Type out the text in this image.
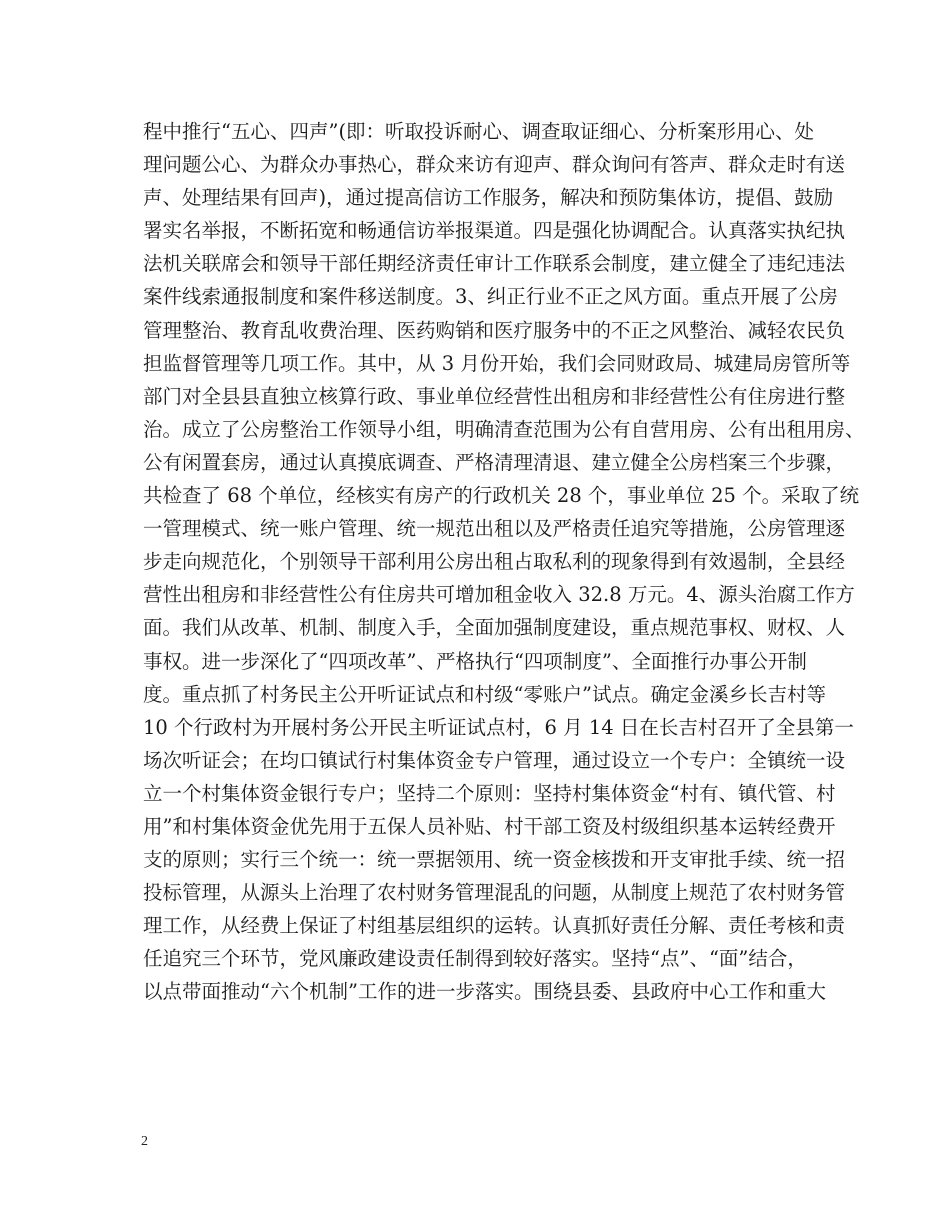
程中推行“五心、四声”(即：听取投诉耐心、调查取证细心、分析案形用心、处
理问题公心、为群众办事热心，群众来访有迎声、群众询问有答声、群众走时有送
声、处理结果有回声)，通过提高信访工作服务，解决和预防集体访，提倡、鼓励
署实名举报，不断拓宽和畅通信访举报渠道。四是强化协调配合。认真落实执纪执
法机关联席会和领导干部任期经济责任审计工作联系会制度，建立健全了违纪违法
案件线索通报制度和案件移送制度。3、纠正行业不正之风方面。重点开展了公房
管理整治、教育乱收费治理、医药购销和医疗服务中的不正之风整治、减轻农民负
担监督管理等几项工作。其中，从 3 月份开始，我们会同财政局、城建局房管所等
部门对全县县直独立核算行政、事业单位经营性出租房和非经营性公有住房进行整
治。成立了公房整治工作领导小组，明确清查范围为公有自营用房、公有出租用房、
公有闲置套房，通过认真摸底调查、严格清理清退、建立健全公房档案三个步骤，
共检查了 68 个单位，经核实有房产的行政机关 28 个，事业单位 25 个。采取了统
一管理模式、统一账户管理、统一规范出租以及严格责任追究等措施，公房管理逐
步走向规范化，个别领导干部利用公房出租占取私利的现象得到有效遏制，全县经
营性出租房和非经营性公有住房共可增加租金收入 32.8 万元。4、源头治腐工作方
面。我们从改革、机制、制度入手，全面加强制度建设，重点规范事权、财权、人
事权。进一步深化了“四项改革”、严格执行“四项制度”、全面推行办事公开制
度。重点抓了村务民主公开听证试点和村级“零账户”试点。确定金溪乡长吉村等
10 个行政村为开展村务公开民主听证试点村，6 月 14 日在长吉村召开了全县第一
场次听证会；在均口镇试行村集体资金专户管理，通过设立一个专户：全镇统一设
立一个村集体资金银行专户；坚持二个原则：坚持村集体资金“村有、镇代管、村
用”和村集体资金优先用于五保人员补贴、村干部工资及村级组织基本运转经费开
支的原则；实行三个统一：统一票据领用、统一资金核拨和开支审批手续、统一招
投标管理，从源头上治理了农村财务管理混乱的问题，从制度上规范了农村财务管
理工作，从经费上保证了村组基层组织的运转。认真抓好责任分解、责任考核和责
任追究三个环节，党风廉政建设责任制得到较好落实。坚持“点”、“面”结合，
以点带面推动“六个机制”工作的进一步落实。围绕县委、县政府中心工作和重大
2
